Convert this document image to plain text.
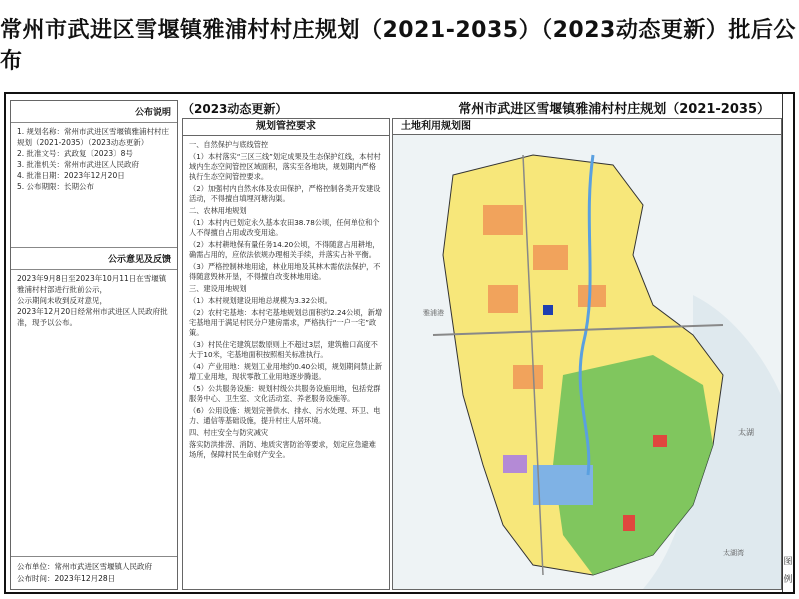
常州市武进区雪堰镇雅浦村村庄规划（2021-2035）（2023动态更新）批后公布
公布说明

1. 规划名称：常州市武进区雪堰镇雅浦村村庄规划（2021-2035）（2023动态更新）

2. 批准文号：武政复〔2023〕8号

3. 批准机关：常州市武进区人民政府

4. 批准日期：2023年12月20日

5. 公布期限：长期公布

公示意见及反馈

2023年9月8日至2023年10月11日在雪堰镇雅浦村村部进行批前公示，

公示期间未收到反对意见，

2023年12月20日经常州市武进区人民政府批准，现予以公布。

公布单位：常州市武进区雪堰镇人民政府
公布时间：2023年12月28日
（2023动态更新）	常州市武进区雪堰镇雅浦村村庄规划（2021-2035）
规划管控要求

一、自然保护与底线管控

（1）本村落实“三区三线”划定成果及生态保护红线，本村村域内生态空间管控区域面积，落实至各地块，规划期内严格执行生态空间管控要求。

（2）加强村内自然水体及农田保护，严格控制各类开发建设活动，不得擅自填埋河塘沟渠。

二、农林用地规划

（1）本村内已划定永久基本农田38.78公顷，任何单位和个人不得擅自占用或改变用途。

（2）本村耕地保有量任务14.20公顷，不得随意占用耕地，确需占用的，应依法依规办理相关手续，并落实占补平衡。

（3）严格控制林地用途，林业用地及其林木需依法保护，不得随意毁林开垦，不得擅自改变林地用途。

三、建设用地规划

（1）本村规划建设用地总规模为3.32公顷。

（2）农村宅基地：本村宅基地规划总面积约2.24公顷，新增宅基地用于满足村民分户建房需求，严格执行“一户一宅”政策。

（3）村民住宅建筑层数原则上不超过3层，建筑檐口高度不大于10米，宅基地面积按照相关标准执行。

（4）产业用地：规划工业用地约0.40公顷，规划期间禁止新增工业用地，现状零散工业用地逐步腾退。

（5）公共服务设施：规划村级公共服务设施用地，包括党群服务中心、卫生室、文化活动室、养老服务设施等。

（6）公用设施：规划完善供水、排水、污水处理、环卫、电力、通信等基础设施，提升村庄人居环境。

四、村庄安全与防灾减灾

落实防洪排涝、消防、地质灾害防治等要求，划定应急避难场所，保障村民生命财产安全。

土地利用规划图
太湖
雅浦港
太湖湾
图
例
